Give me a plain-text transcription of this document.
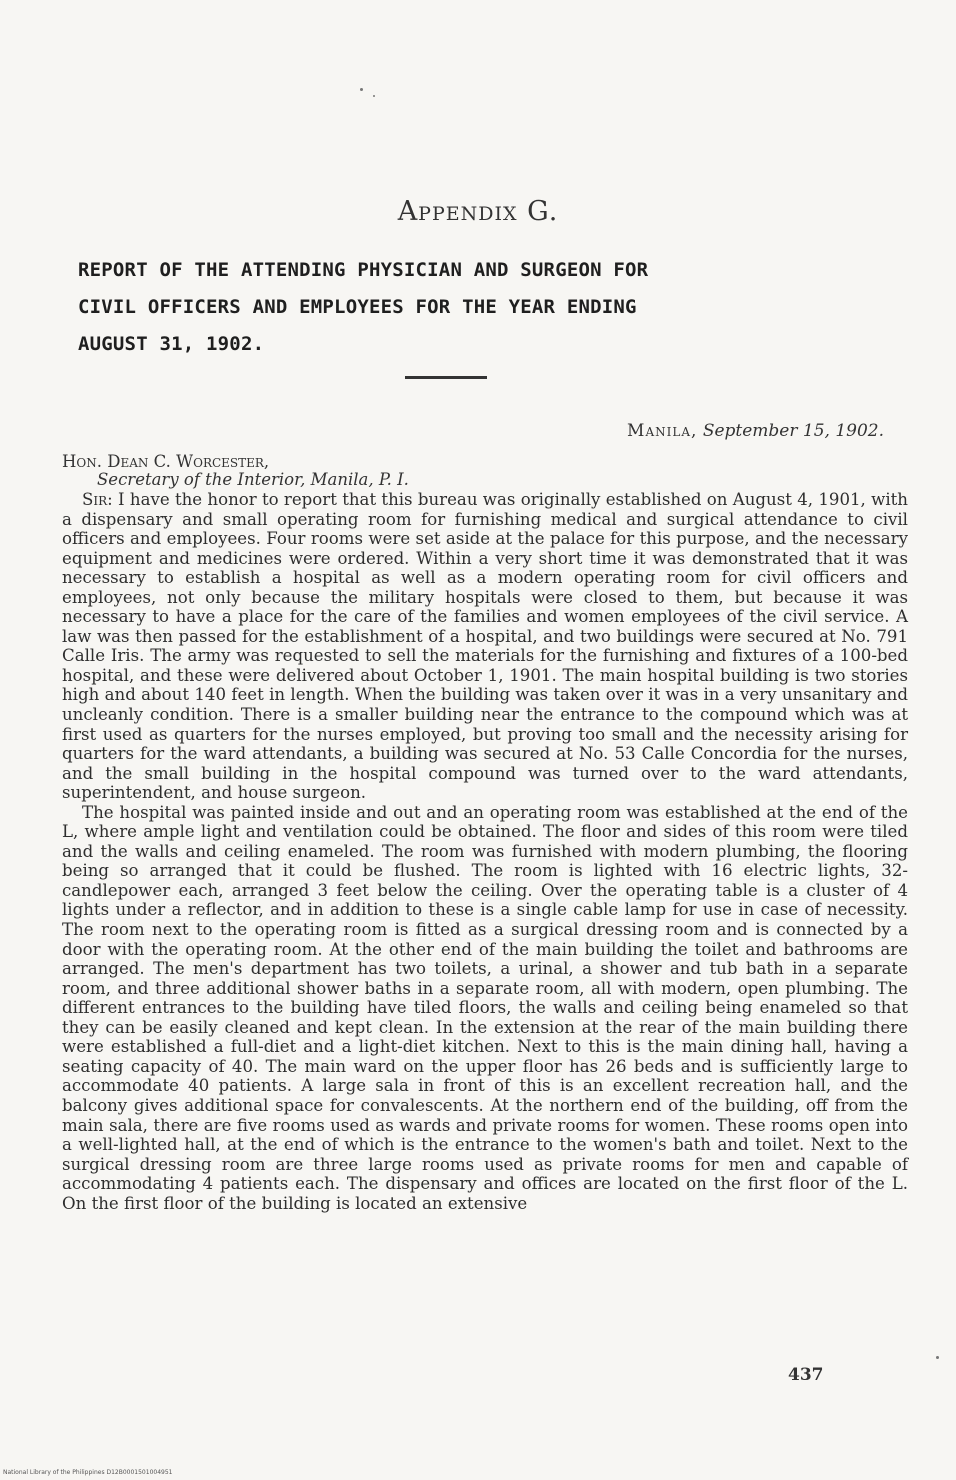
Appendix G.
REPORT OF THE ATTENDING PHYSICIAN AND SURGEON FOR
CIVIL OFFICERS AND EMPLOYEES FOR THE YEAR ENDING
AUGUST 31, 1902.
Manila, September 15, 1902.
Hon. Dean C. Worcester,
Secretary of the Interior, Manila, P. I.

Sir: I have the honor to report that this bureau was originally established on August 4, 1901, with a dispensary and small operating room for furnishing medical and surgical attendance to civil officers and employees. Four rooms were set aside at the palace for this purpose, and the necessary equipment and medicines were ordered. Within a very short time it was demonstrated that it was necessary to establish a hospital as well as a modern operating room for civil officers and employees, not only because the military hospitals were closed to them, but because it was necessary to have a place for the care of the families and women employees of the civil service. A law was then passed for the establishment of a hospital, and two buildings were secured at No. 791 Calle Iris. The army was requested to sell the materials for the furnishing and fixtures of a 100-bed hospital, and these were delivered about October 1, 1901. The main hospital building is two stories high and about 140 feet in length. When the building was taken over it was in a very unsanitary and uncleanly condition. There is a smaller building near the entrance to the compound which was at first used as quarters for the nurses employed, but proving too small and the necessity arising for quarters for the ward attendants, a building was secured at No. 53 Calle Concordia for the nurses, and the small building in the hospital compound was turned over to the ward attendants, superintendent, and house surgeon.

The hospital was painted inside and out and an operating room was established at the end of the L, where ample light and ventilation could be obtained. The floor and sides of this room were tiled and the walls and ceiling enameled. The room was furnished with modern plumbing, the flooring being so arranged that it could be flushed. The room is lighted with 16 electric lights, 32-candlepower each, arranged 3 feet below the ceiling. Over the operating table is a cluster of 4 lights under a reflector, and in addition to these is a single cable lamp for use in case of necessity. The room next to the operating room is fitted as a surgical dressing room and is connected by a door with the operating room. At the other end of the main building the toilet and bathrooms are arranged. The men's department has two toilets, a urinal, a shower and tub bath in a separate room, and three additional shower baths in a separate room, all with modern, open plumbing. The different entrances to the building have tiled floors, the walls and ceiling being enameled so that they can be easily cleaned and kept clean. In the extension at the rear of the main building there were established a full-diet and a light-diet kitchen. Next to this is the main dining hall, having a seating capacity of 40. The main ward on the upper floor has 26 beds and is sufficiently large to accommodate 40 patients. A large sala in front of this is an excellent recreation hall, and the balcony gives additional space for convalescents. At the northern end of the building, off from the main sala, there are five rooms used as wards and private rooms for women. These rooms open into a well-lighted hall, at the end of which is the entrance to the women's bath and toilet. Next to the surgical dressing room are three large rooms used as private rooms for men and capable of accommodating 4 patients each. The dispensary and offices are located on the first floor of the L. On the first floor of the building is located an extensive

437
National Library of the Philippines D12B0001501004951
